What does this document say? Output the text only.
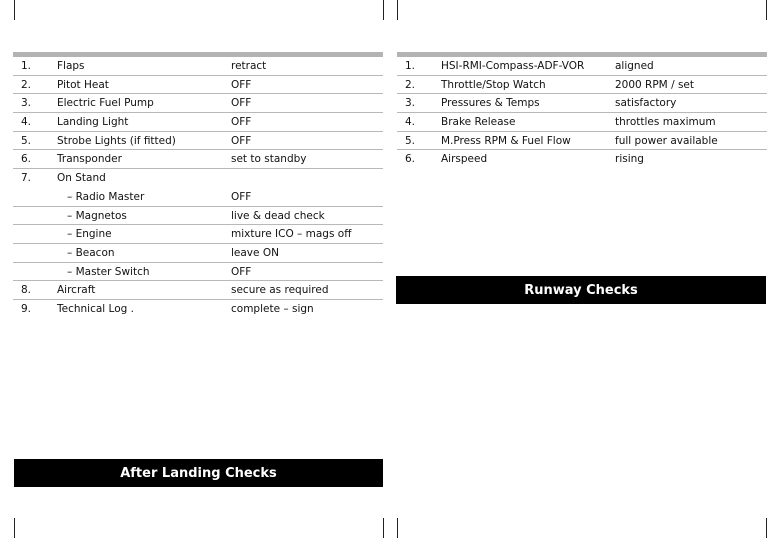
1. Flaps	retract
2. Pitot Heat	OFF
3. Electric Fuel Pump	OFF
4. Landing Light	OFF
5. Strobe Lights (if fitted)	OFF
6. Transponder	set to standby
7. On Stand
– Radio Master	OFF
– Magnetos	live & dead check
– Engine	mixture ICO – mags off
– Beacon	leave ON
– Master Switch	OFF
8. Aircraft	secure as required
9. Technical Log .	complete – sign
1. HSI-RMI-Compass-ADF-VOR	aligned
2. Throttle/Stop Watch	2000 RPM / set
3. Pressures & Temps	satisfactory
4. Brake Release	throttles maximum
5. M.Press RPM & Fuel Flow	full power available
6. Airspeed	rising
Runway Checks
After Landing Checks
